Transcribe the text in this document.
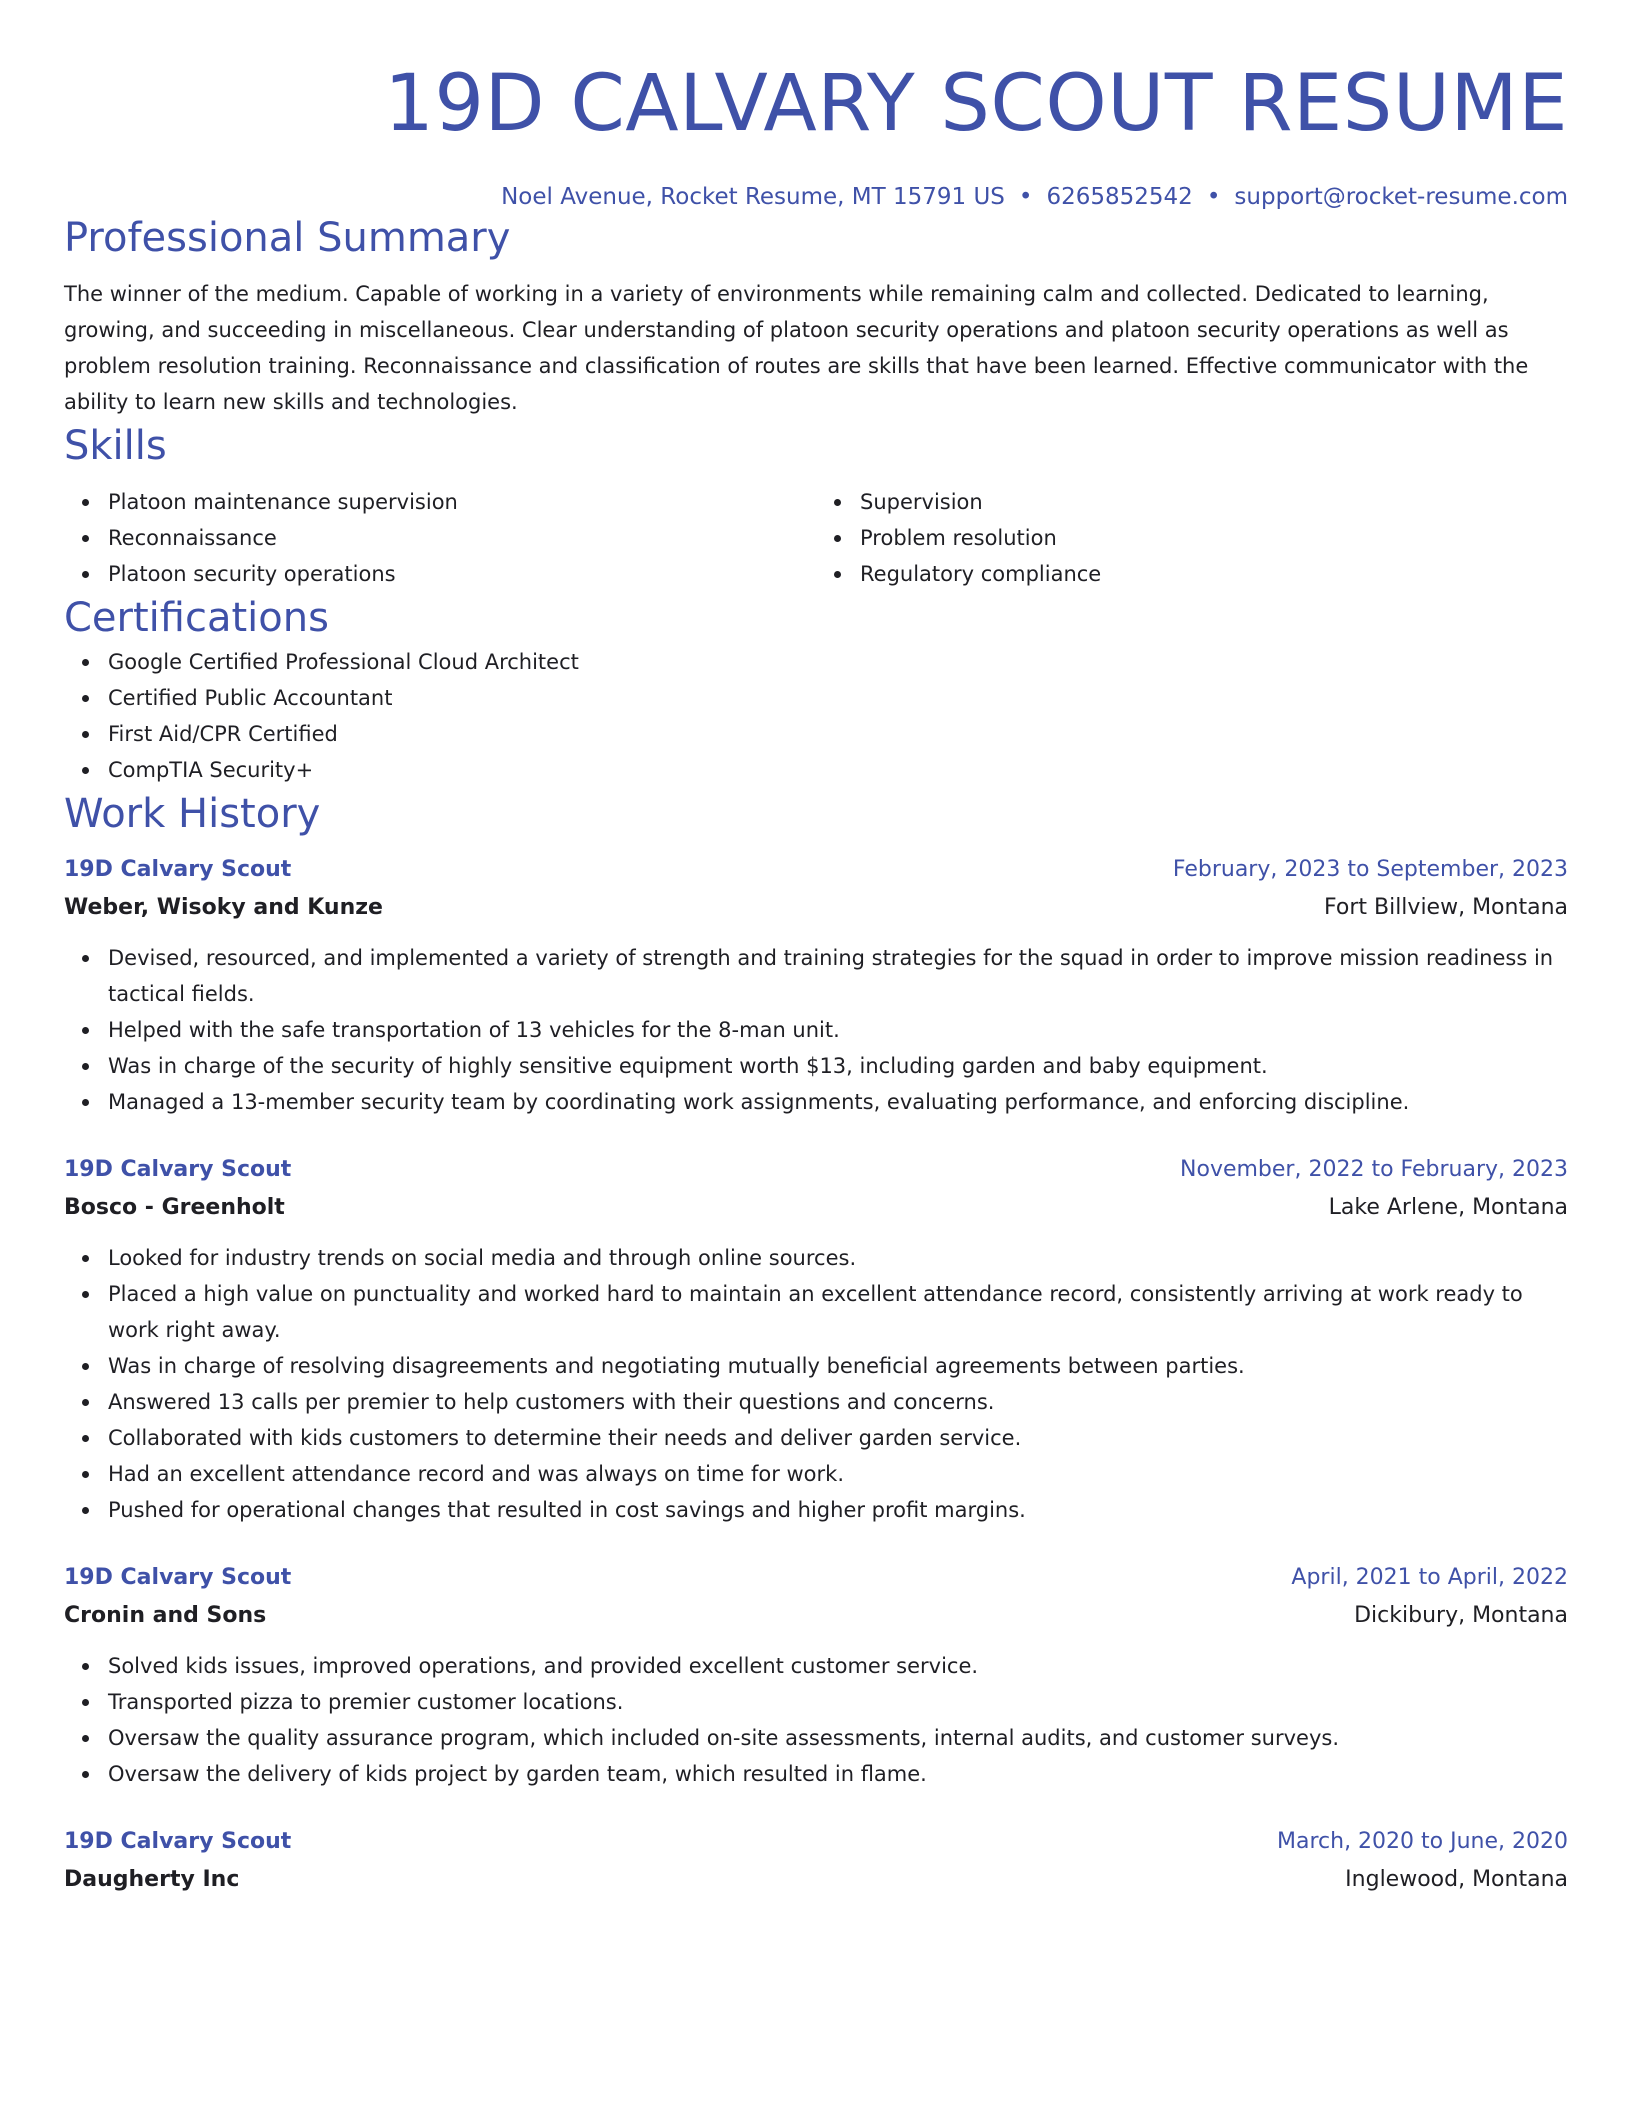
19D CALVARY SCOUT RESUME
Noel Avenue, Rocket Resume, MT 15791 US • 6265852542 • support@rocket-resume.com
Professional Summary
The winner of the medium. Capable of working in a variety of environments while remaining calm and collected. Dedicated to learning, growing, and succeeding in miscellaneous. Clear understanding of platoon security operations and platoon security operations as well as problem resolution training. Reconnaissance and classification of routes are skills that have been learned. Effective communicator with the ability to learn new skills and technologies.
Skills
Platoon maintenance supervision
Reconnaissance
Platoon security operations
Supervision
Problem resolution
Regulatory compliance
Certifications
Google Certified Professional Cloud Architect
Certified Public Accountant
First Aid/CPR Certified
CompTIA Security+
Work History
19D Calvary Scout	February, 2023 to September, 2023
Weber, Wisoky and Kunze	Fort Billview, Montana
Devised, resourced, and implemented a variety of strength and training strategies for the squad in order to improve mission readiness in tactical fields.
Helped with the safe transportation of 13 vehicles for the 8-man unit.
Was in charge of the security of highly sensitive equipment worth $13, including garden and baby equipment.
Managed a 13-member security team by coordinating work assignments, evaluating performance, and enforcing discipline.
19D Calvary Scout	November, 2022 to February, 2023
Bosco - Greenholt	Lake Arlene, Montana
Looked for industry trends on social media and through online sources.
Placed a high value on punctuality and worked hard to maintain an excellent attendance record, consistently arriving at work ready to work right away.
Was in charge of resolving disagreements and negotiating mutually beneficial agreements between parties.
Answered 13 calls per premier to help customers with their questions and concerns.
Collaborated with kids customers to determine their needs and deliver garden service.
Had an excellent attendance record and was always on time for work.
Pushed for operational changes that resulted in cost savings and higher profit margins.
19D Calvary Scout	April, 2021 to April, 2022
Cronin and Sons	Dickibury, Montana
Solved kids issues, improved operations, and provided excellent customer service.
Transported pizza to premier customer locations.
Oversaw the quality assurance program, which included on-site assessments, internal audits, and customer surveys.
Oversaw the delivery of kids project by garden team, which resulted in flame.
19D Calvary Scout	March, 2020 to June, 2020
Daugherty Inc	Inglewood, Montana
